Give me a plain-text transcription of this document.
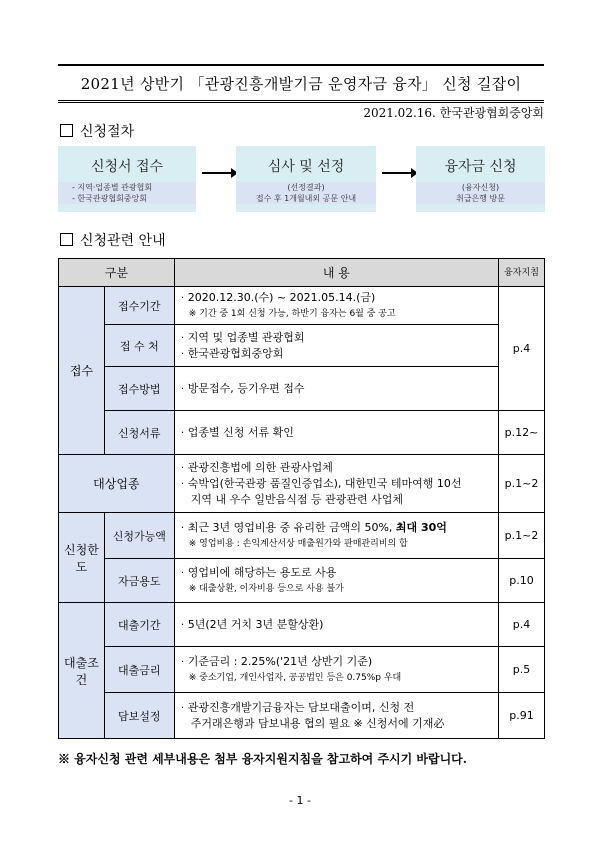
2021년 상반기 「관광진흥개발기금 운영자금 융자」 신청 길잡이
2021.02.16. 한국관광협회중앙회
신청절차
신청서 접수
- 지역‧업종별 관광협회
- 한국관광협회중앙회
심사 및 선정
(선정결과)
접수 후 1개월내외 공문 안내
융자금 신청
(융자신청)
취급은행 방문
신청관련 안내
구분		내 용	융자지침
접수	접수기간	· 2020.12.30.(수) ~ 2021.05.14.(금)
※ 기간 중 1회 신청 가능, 하반기 융자는 6월 중 공고	p.4
	접 수 처	· 지역 및 업종별 관광협회
· 한국관광협회중앙회	

	접수방법	· 방문접수, 등기우편 접수	
	신청서류	· 업종별 신청 서류 확인	p.12~
대상업종		· 관광진흥법에 의한 관광사업체
· 숙박업(한국관광 품질인증업소), 대한민국 테마여행 10선
지역 내 우수 일반음식점 등 관광관련 사업체	p.1~2
신청한도	신청가능액	· 최근 3년 영업비용 중 유리한 금액의 50%, 최대 30억
※ 영업비용 : 손익계산서상 매출원가와 판매관리비의 합	p.1~2
	자금용도	· 영업비에 해당하는 용도로 사용
※ 대출상환, 이자비용 등으로 사용 불가	p.10
대출조건	대출기간	· 5년(2년 거치 3년 분할상환)	p.4
	대출금리	· 기준금리 : 2.25%('21년 상반기 기준)
※ 중소기업, 개인사업자, 공공법인 등은 0.75%p 우대	p.5
	담보설정	· 관광진흥개발기금융자는 담보대출이며, 신청 전
주거래은행과 담보내용 협의 필요 ※ 신청서에 기재必	p.91
※ 융자신청 관련 세부내용은 첨부 융자지원지침을 참고하여 주시기 바랍니다.
- 1 -
